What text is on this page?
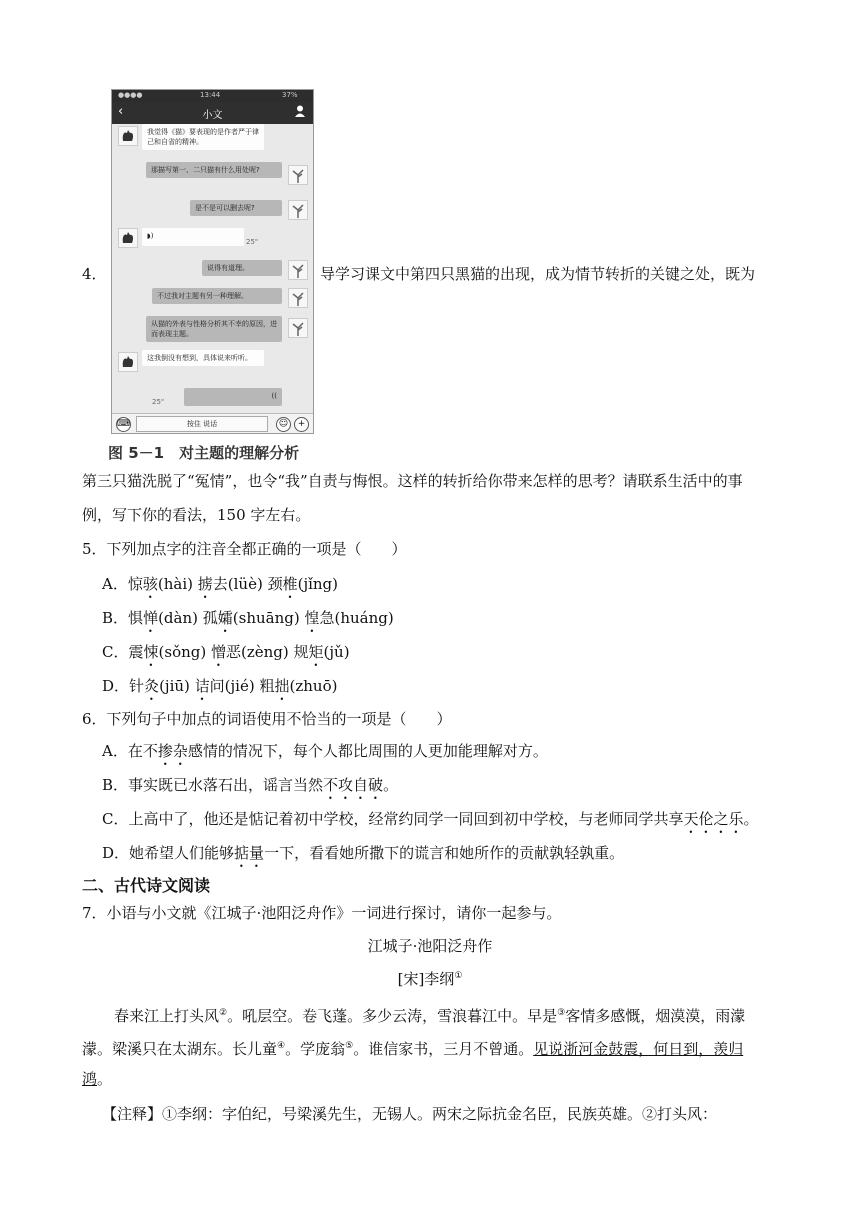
4．
●●●●	13:44	37%
‹	小文
我觉得《猫》要表现的是作者严于律己和自省的精神。
那描写第一、二只猫有什么用处呢?
是不是可以删去呢?
◗)
25"
说得有道理。
不过我对主题有另一种理解。
从猫的外表与性格分析其不幸的原因，进而表现主题。
这我倒没有想到，具体说来听听。
25"
((
⌨	按住 说话	☺	+
导学习课文中第四只黑猫的出现，成为情节转折的关键之处，既为
图 5－1　对主题的理解分析
第三只猫洗脱了“冤情”，也令“我”自责与悔恨。这样的转折给你带来怎样的思考？请联系生活中的事
例，写下你的看法，150 字左右。
5．下列加点字的注音全都正确的一项是（　　）
A．惊骇(hài) 掳去(lüè) 颈椎(jǐng)
B．惧惮(dàn) 孤孀(shuāng) 惶急(huáng)
C．震悚(sǒng) 憎恶(zèng) 规矩(jǔ)
D．针灸(jiū) 诘问(jié) 粗拙(zhuō)
6．下列句子中加点的词语使用不恰当的一项是（　　）
A．在不掺杂感情的情况下，每个人都比周围的人更加能理解对方。
B．事实既已水落石出，谣言当然不攻自破。
C．上高中了，他还是惦记着初中学校，经常约同学一同回到初中学校，与老师同学共享天伦之乐。
D．她希望人们能够掂量一下，看看她所撒下的谎言和她所作的贡献孰轻孰重。
二、古代诗文阅读
7．小语与小文就《江城子·池阳泛舟作》一词进行探讨，请你一起参与。
江城子·池阳泛舟作
[宋]李纲①
春来江上打头风②。吼层空。卷飞蓬。多少云涛，雪浪暮江中。早是③客情多感慨，烟漠漠，雨濛
濛。梁溪只在太湖东。长儿童④。学庞翁⑤。谁信家书，三月不曾通。见说浙河金鼓震，何日到，羡归
鸿。
【注释】①李纲：字伯纪，号梁溪先生，无锡人。两宋之际抗金名臣，民族英雄。②打头风：
